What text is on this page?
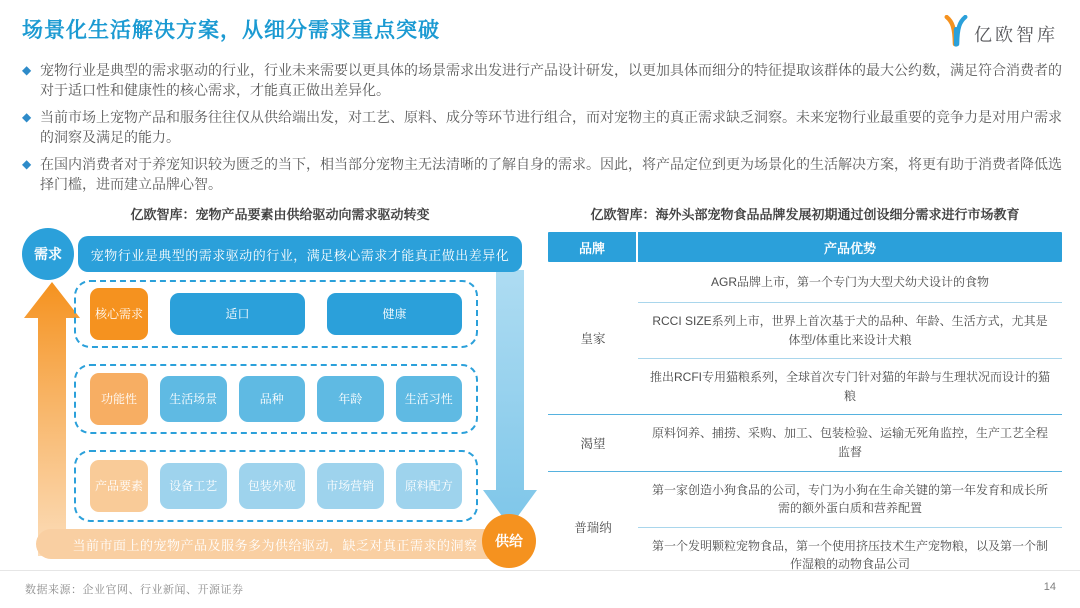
场景化生活解决方案，从细分需求重点突破	亿欧智库
◆ 宠物行业是典型的需求驱动的行业，行业未来需要以更具体的场景需求出发进行产品设计研发，以更加具体而细分的特征提取该群体的最大公约数，满足符合消费者的对于适口性和健康性的核心需求，才能真正做出差异化。
◆ 当前市场上宠物产品和服务往往仅从供给端出发，对工艺、原料、成分等环节进行组合，而对宠物主的真正需求缺乏洞察。未来宠物行业最重要的竞争力是对用户需求的洞察及满足的能力。
◆ 在国内消费者对于养宠知识较为匮乏的当下，相当部分宠物主无法清晰的了解自身的需求。因此，将产品定位到更为场景化的生活解决方案，将更有助于消费者降低选择门槛，进而建立品牌心智。
亿欧智库：宠物产品要素由供给驱动向需求驱动转变
需求	宠物行业是典型的需求驱动的行业，满足核心需求才能真正做出差异化
核心需求	适口	健康
功能性	生活场景	品种	年龄	生活习性
产品要素	设备工艺	包装外观	市场营销	原料配方
当前市面上的宠物产品及服务多为供给驱动，缺乏对真正需求的洞察	供给
亿欧智库：海外头部宠物食品品牌发展初期通过创设细分需求进行市场教育
品牌	产品优势
皇家
AGR品牌上市，第一个专门为大型犬幼犬设计的食物
RCCI SIZE系列上市，世界上首次基于犬的品种、年龄、生活方式，尤其是体型/体重比来设计犬粮
推出RCFI专用猫粮系列，全球首次专门针对猫的年龄与生理状况而设计的猫粮
渴望
原料饲养、捕捞、采购、加工、包装检验、运输无死角监控，生产工艺全程监督
普瑞纳
第一家创造小狗食品的公司，专门为小狗在生命关键的第一年发育和成长所需的额外蛋白质和营养配置
第一个发明颗粒宠物食品，第一个使用挤压技术生产宠物粮，以及第一个制作湿粮的动物食品公司
数据来源：企业官网、行业新闻、开源证券	14
